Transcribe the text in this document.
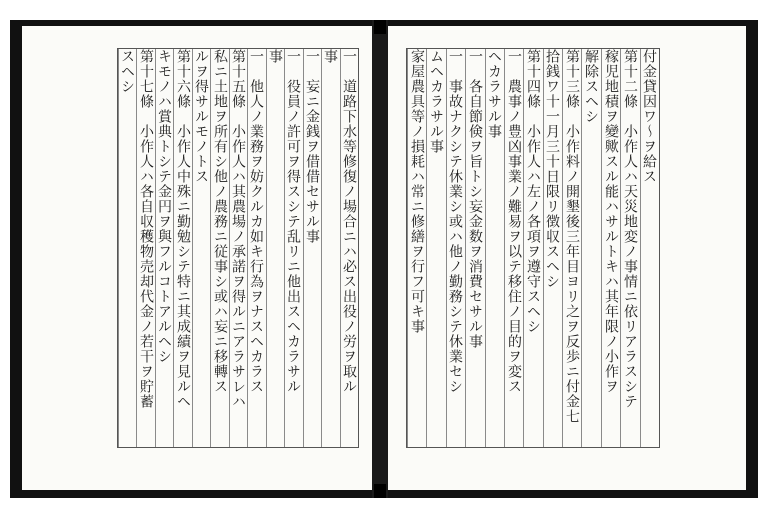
一　道路下水等修復ノ場合ニハ必ス出役ノ労ヲ取ル
事
一　妄ニ金銭ヲ借借セサル事
一　役員ノ許可ヲ得スシテ乱リニ他出スヘカラサル
事
一　他人ノ業務ヲ妨クルカ如キ行為ヲナスヘカラス
第十五條　小作人ハ其農場ノ承諾ヲ得ルニアラサレハ
私ニ土地ヲ所有シ他ノ農務ニ従事シ或ハ妄ニ移轉ス
ルヲ得サルモノトス
第十六條　小作人中殊ニ勤勉シテ特ニ其成績ヲ見ルヘ
キモノハ賞典トシテ金円ヲ與フルコトアルヘシ
第十七條　小作人ハ各自収穫物売却代金ノ若干ヲ貯蓄
スヘシ	付金貸因ワ〜ヲ給ス
第十二條　小作人ハ天災地変ノ事情ニ依リアラスシテ
稼児地積ヲ變歟スル能ハサルトキハ其年限ノ小作ヲ
解除スヘシ
第十三條　小作料ノ開墾後三年目ヨリ之ヲ反歩ニ付金七
拾銭ワ十一月三十日限リ徴収スヘシ
第十四條　小作人ハ左ノ各項ヲ遵守スヘシ
一　農事ノ豊凶事業ノ難易ヲ以テ移住ノ目的ヲ変ス
ヘカラサル事
一　各自節倹ヲ旨トシ妄金数ヲ消費セサル事
一　事故ナクシテ休業シ或ハ他ノ勤務シテ休業セシ
ムヘカラサル事
家屋農具等ノ損耗ハ常ニ修繕ヲ行フ可キ事
